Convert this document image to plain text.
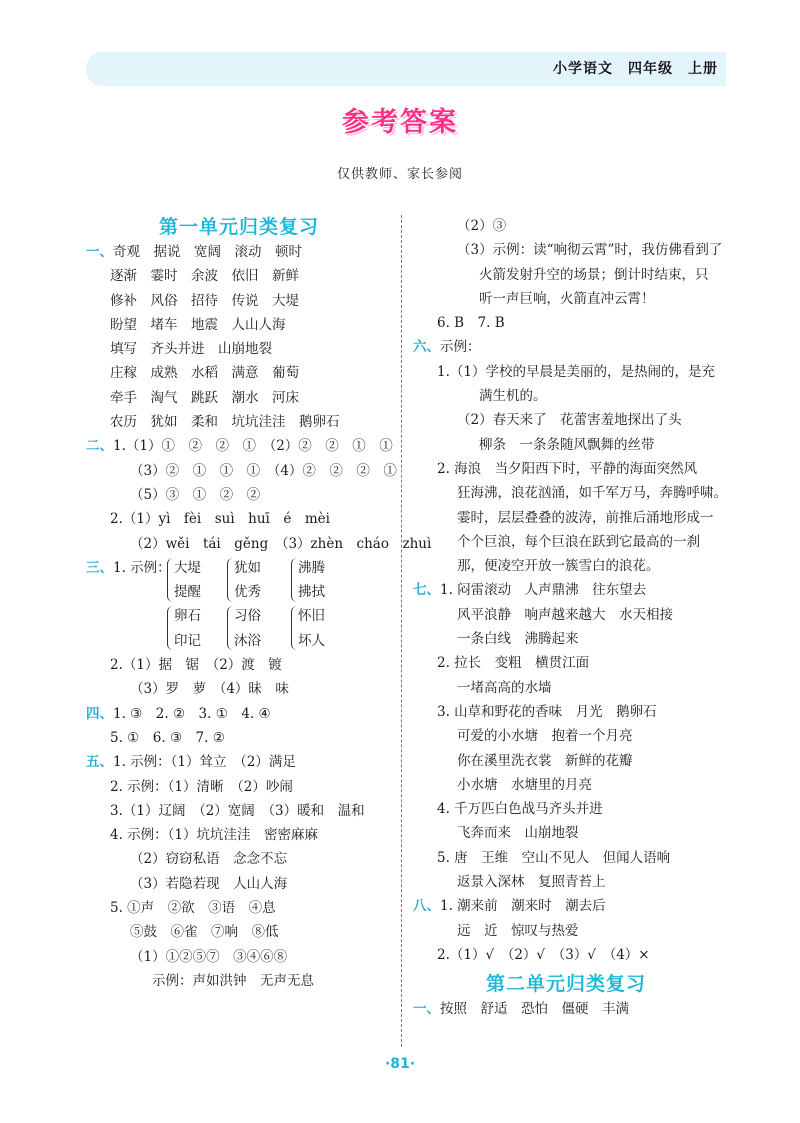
小学语文　四年级　上册
参考答案
仅供教师、家长参阅
第一单元归类复习
一、奇观　据说　宽阔　滚动　顿时
逐渐　霎时　余波　依旧　新鲜
修补　风俗　招待　传说　大堤
盼望　堵车　地震　人山人海
填写　齐头并进　山崩地裂
庄稼　成熟　水稻　满意　葡萄
牵手　淘气　跳跃　潮水　河床
农历　犹如　柔和　坑坑洼洼　鹅卵石
二、1.（1）①　②　②　①　（2）②　②　①　①
（3）②　①　①　①　（4）②　②　②　①
（5）③　①　②　②
2.（1）yì　fèi　suì　huī　é　mèi
（2）wěi　tái　gěng　（3）zhèn　cháo　zhuì
三、1. 示例： 大堤
提醒
犹如
优秀
沸腾
拂拭
卵石
印记
习俗
沐浴
怀旧
坏人
2.（1）据　锯　（2）渡　镀
（3）罗　萝　（4）昧　味
四、1. ③　2. ②　3. ①　4. ④
5. ①　6. ③　7. ②
五、1. 示例：（1）耸立　（2）满足
2. 示例：（1）清晰　（2）吵闹
3.（1）辽阔　（2）宽阔　（3）暖和　温和
4. 示例：（1）坑坑洼洼　密密麻麻
（2）窃窃私语　念念不忘
（3）若隐若现　人山人海
5. ①声　②欲　③语　④息
⑤鼓　⑥雀　⑦响　⑧低
（1）①②⑤⑦　③④⑥⑧
示例：声如洪钟　无声无息
（2）③
（3）示例：读“响彻云霄”时，我仿佛看到了
火箭发射升空的场景；倒计时结束，只
听一声巨响，火箭直冲云霄！
6. B　7. B
六、示例：
1.（1）学校的早晨是美丽的，是热闹的，是充
满生机的。
（2）春天来了　花蕾害羞地探出了头
柳条　一条条随风飘舞的丝带
2. 海浪　当夕阳西下时，平静的海面突然风
狂海沸，浪花汹涌，如千军万马，奔腾呼啸。
霎时，层层叠叠的波涛，前推后涌地形成一
个个巨浪，每个巨浪在跃到它最高的一刹
那，便凌空开放一簇雪白的浪花。
七、1. 闷雷滚动　人声鼎沸　往东望去
风平浪静　响声越来越大　水天相接
一条白线　沸腾起来
2. 拉长　变粗　横贯江面
一堵高高的水墙
3. 山草和野花的香味　月光　鹅卵石
可爱的小水塘　抱着一个月亮
你在溪里洗衣裳　新鲜的花瓣
小水塘　水塘里的月亮
4. 千万匹白色战马齐头并进
飞奔而来　山崩地裂
5. 唐　王维　空山不见人　但闻人语响
返景入深林　复照青苔上
八、1. 潮来前　潮来时　潮去后
远　近　惊叹与热爱
2.（1）√　（2）√　（3）√　（4）×
第二单元归类复习
一、按照　舒适　恐怕　僵硬　丰满
·81·
